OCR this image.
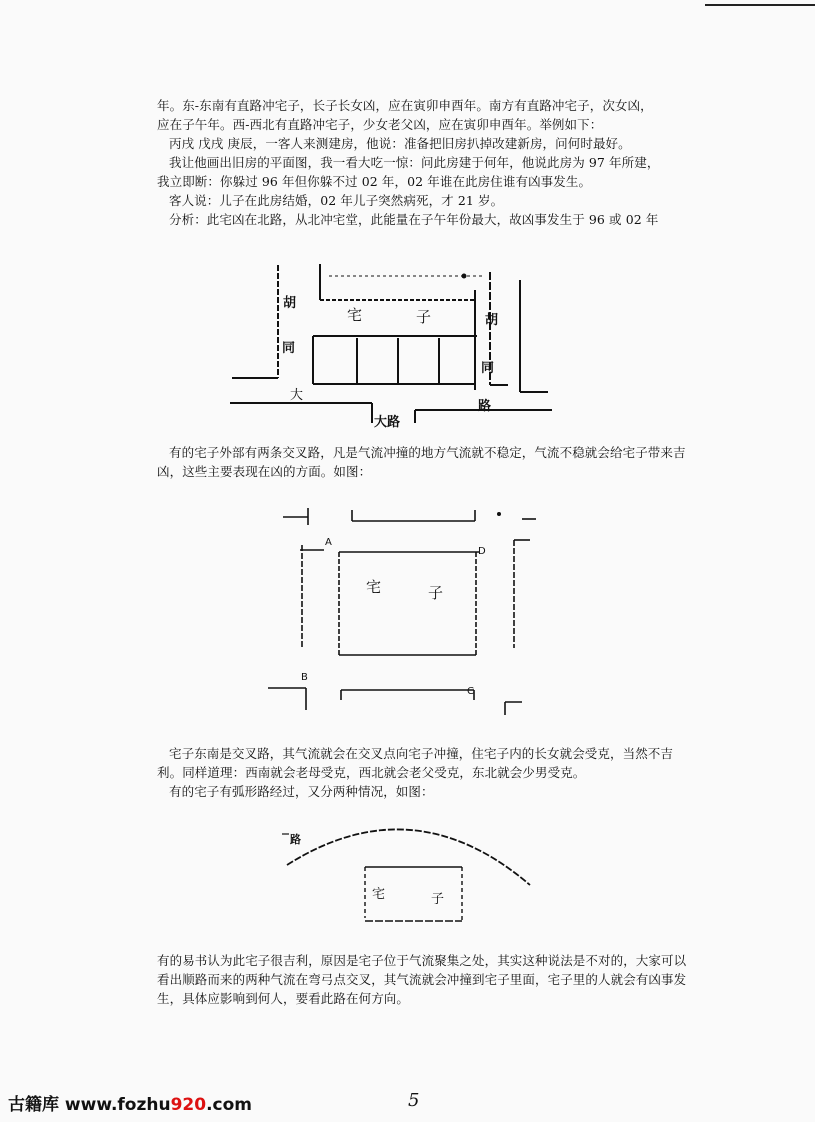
年。东-东南有直路冲宅子，长子长女凶，应在寅卯申酉年。南方有直路冲宅子，次女凶，

应在子午年。西-西北有直路冲宅子，少女老父凶，应在寅卯申酉年。举例如下：

丙戌 戊戌 庚辰，一客人来测建房，他说：准备把旧房扒掉改建新房，问何时最好。

我让他画出旧房的平面图，我一看大吃一惊：问此房建于何年，他说此房为 97 年所建，

我立即断：你躲过 96 年但你躲不过 02 年，02 年谁在此房住谁有凶事发生。

客人说：儿子在此房结婚，02 年儿子突然病死，才 21 岁。

分析：此宅凶在北路，从北冲宅堂，此能量在子午年份最大，故凶事发生于 96 或 02 年

宅	子
胡
同
胡
同
大
大路
路

有的宅子外部有两条交叉路，凡是气流冲撞的地方气流就不稳定，气流不稳就会给宅子带来吉凶，这些主要表现在凶的方面。如图：

宅	子
A
B
C
D

宅子东南是交叉路，其气流就会在交叉点向宅子冲撞，住宅子内的长女就会受克，当然不吉利。同样道理：西南就会老母受克，西北就会老父受克，东北就会少男受克。

有的宅子有弧形路经过，又分两种情况，如图：

路
宅	子

有的易书认为此宅子很吉利，原因是宅子位于气流聚集之处，其实这种说法是不对的，大家可以看出顺路而来的两种气流在弯弓点交叉，其气流就会冲撞到宅子里面，宅子里的人就会有凶事发生，具体应影响到何人，要看此路在何方向。

古籍库 www.fozhu920.com	5
